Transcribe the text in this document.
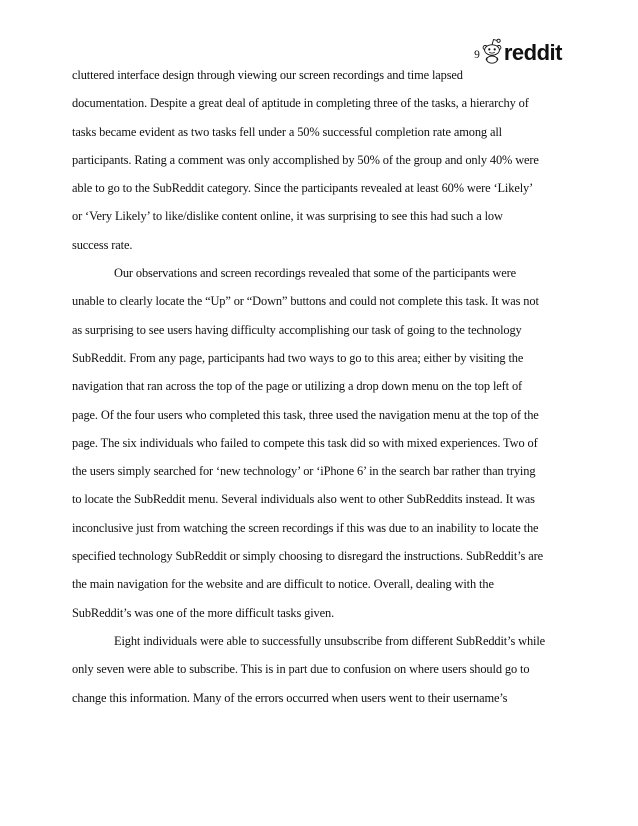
9 reddit
cluttered interface design through viewing our screen recordings and time lapsed
documentation. Despite a great deal of aptitude in completing three of the tasks, a hierarchy of
tasks became evident as two tasks fell under a 50% successful completion rate among all
participants. Rating a comment was only accomplished by 50% of the group and only 40% were
able to go to the SubReddit category. Since the participants revealed at least 60% were ‘Likely’
or ‘Very Likely’ to like/dislike content online, it was surprising to see this had such a low
success rate.
Our observations and screen recordings revealed that some of the participants were
unable to clearly locate the “Up” or “Down” buttons and could not complete this task. It was not
as surprising to see users having difficulty accomplishing our task of going to the technology
SubReddit. From any page, participants had two ways to go to this area; either by visiting the
navigation that ran across the top of the page or utilizing a drop down menu on the top left of
page. Of the four users who completed this task, three used the navigation menu at the top of the
page. The six individuals who failed to compete this task did so with mixed experiences. Two of
the users simply searched for ‘new technology’ or ‘iPhone 6’ in the search bar rather than trying
to locate the SubReddit menu. Several individuals also went to other SubReddits instead. It was
inconclusive just from watching the screen recordings if this was due to an inability to locate the
specified technology SubReddit or simply choosing to disregard the instructions. SubReddit’s are
the main navigation for the website and are difficult to notice. Overall, dealing with the
SubReddit’s was one of the more difficult tasks given.
Eight individuals were able to successfully unsubscribe from different SubReddit’s while
only seven were able to subscribe. This is in part due to confusion on where users should go to
change this information. Many of the errors occurred when users went to their username’s
